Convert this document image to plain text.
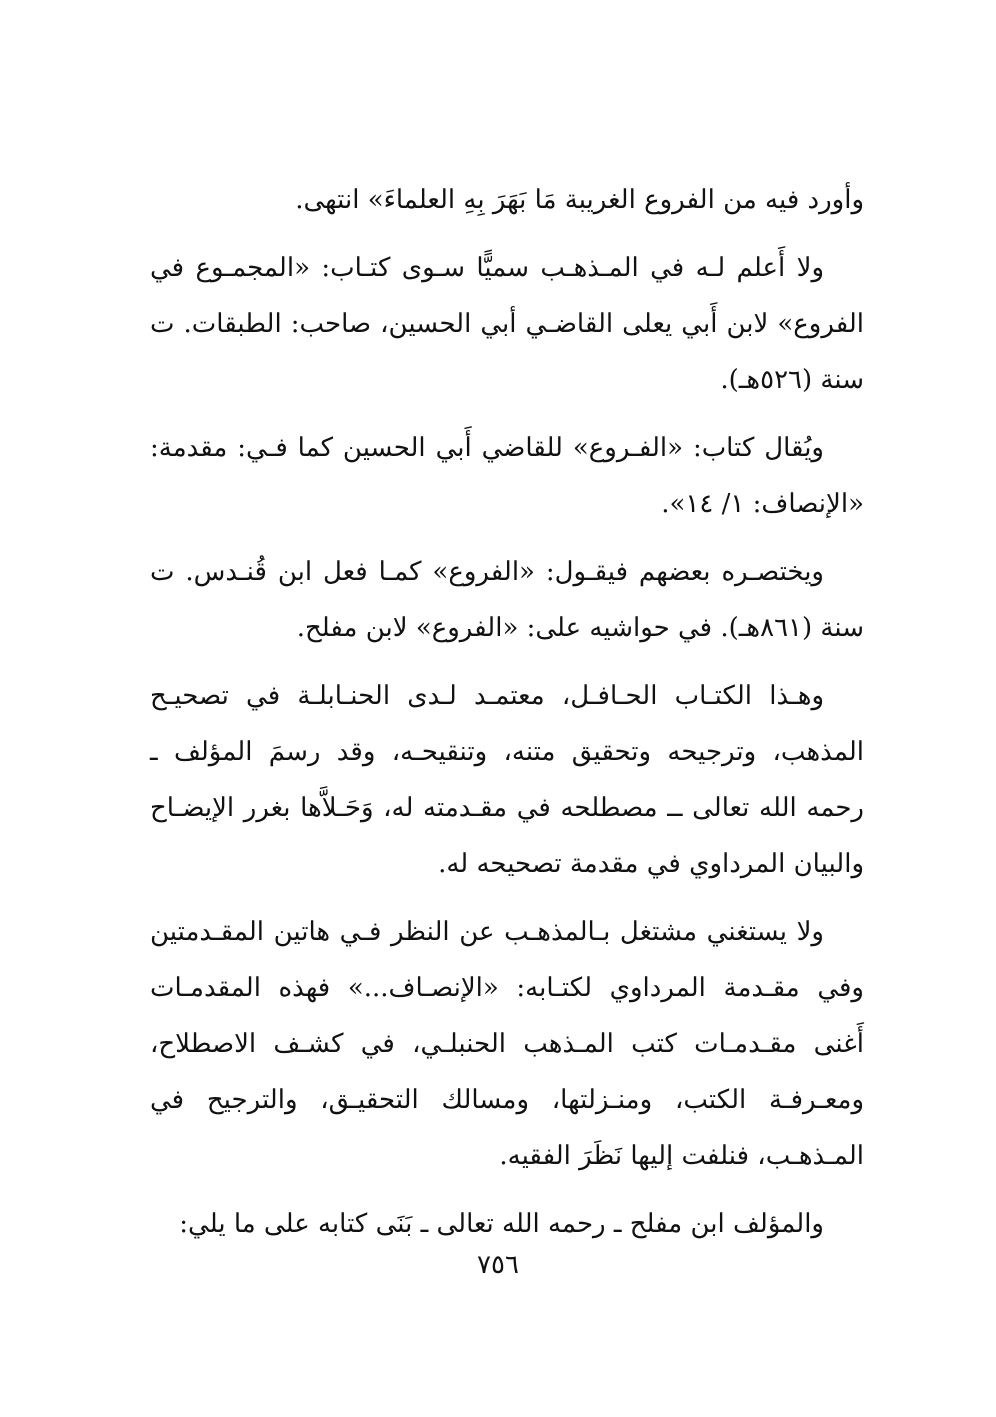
وأورد فيه من الفروع الغريبة مَا بَهَرَ بِهِ العلماءَ» انتهى.

ولا أَعلم لـه في المـذهـب سميًّا سـوى كتـاب: «المجمـوع في الفروع» لابن أَبي يعلى القاضـي أبي الحسين، صاحب: الطبقات. ت سنة (٥٢٦هـ).

ويُقال كتاب: «الفـروع» للقاضي أَبي الحسين كما فـي: مقدمة: «الإنصاف: ١/ ١٤».

ويختصـره بعضهم فيقـول: «الفروع» كمـا فعل ابن قُنـدس. ت سنة (٨٦١هـ). في حواشيه على: «الفروع» لابن مفلح.

وهـذا الكتـاب الحـافـل، معتمـد لـدى الحنـابلـة في تصحيـح المذهب، وترجيحه وتحقيق متنه، وتنقيحـه، وقد رسمَ المؤلف ـ رحمه الله تعالى ــ مصطلحه في مقـدمته له، وَحَـلاَّها بغرر الإيضـاح والبيان المرداوي في مقدمة تصحيحه له.

ولا يستغني مشتغل بـالمذهـب عن النظر فـي هاتين المقـدمتين وفي مقـدمة المرداوي لكتـابه: «الإنصـاف...» فهذه المقدمـات أَغنى مقـدمـات كتب المـذهب الحنبلـي، في كشـف الاصطلاح، ومعـرفـة الكتب، ومنـزلتها، ومسالك التحقيـق، والترجيح في المـذهـب، فنلفت إليها نَظَرَ الفقيه.

والمؤلف ابن مفلح ـ رحمه الله تعالى ـ بَنَى كتابه على ما يلي:

٧٥٦
